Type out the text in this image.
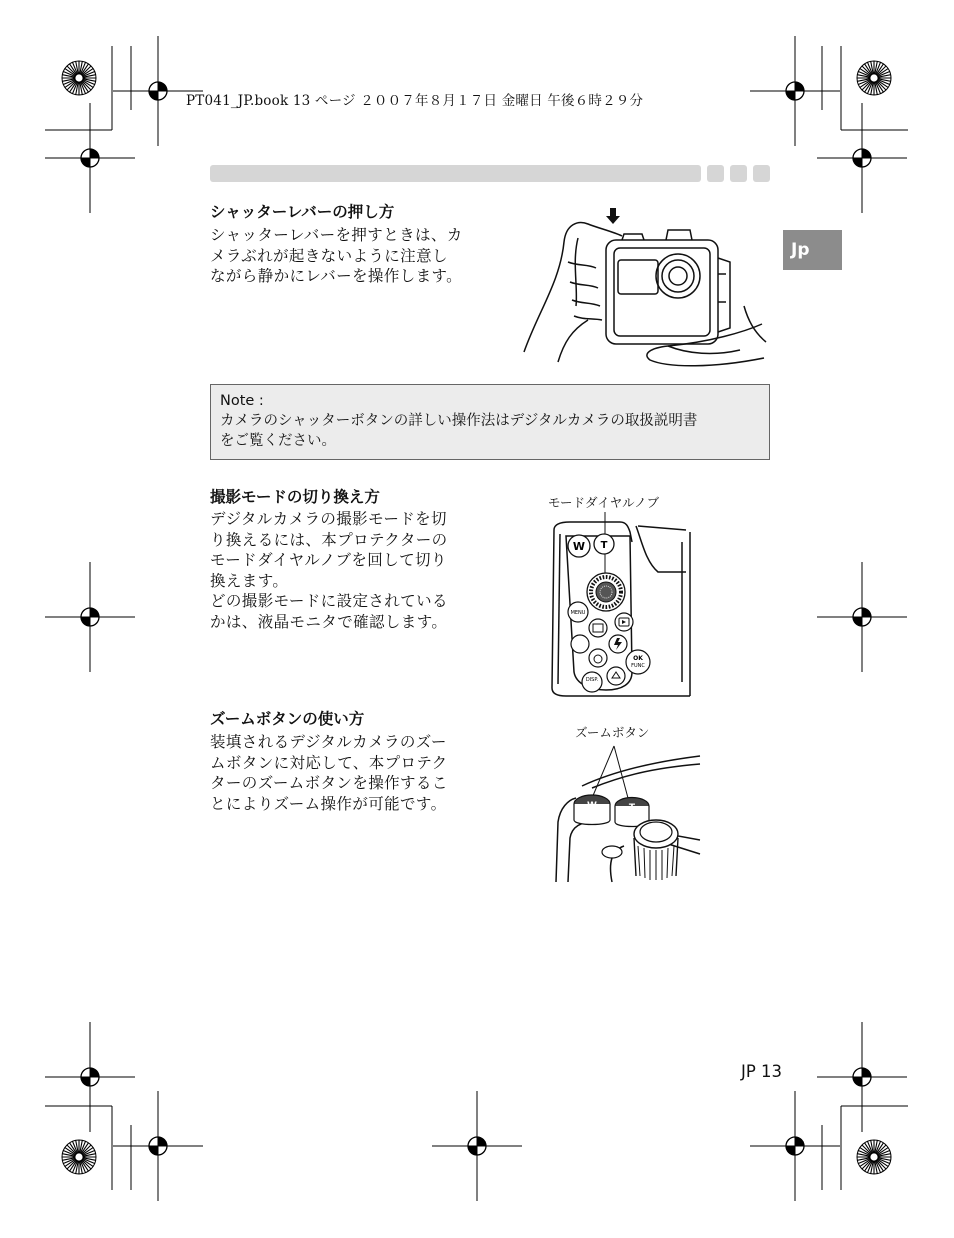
PT041_JP.book 13 ページ ２００７年８月１７日 金曜日 午後６時２９分
Jp
シャッターレバーの押し方
シャッターレバーを押すときは、カ
メラぶれが起きないように注意し
ながら静かにレバーを操作します。
Note :
カメラのシャッターボタンの詳しい操作法はデジタルカメラの取扱説明書
をご覧ください。
撮影モードの切り換え方
デジタルカメラの撮影モードを切
り換えるには、本プロテクターの
モードダイヤルノブを回して切り
換えます。
どの撮影モードに設定されている
かは、液晶モニタで確認します。
モードダイヤルノブ
W T
MENU
OK
FUNC
DISP.
ズームボタンの使い方
装填されるデジタルカメラのズー
ムボタンに対応して、本プロテク
ターのズームボタンを操作するこ
とによりズーム操作が可能です。
ズームボタン
W	T
JP 13
